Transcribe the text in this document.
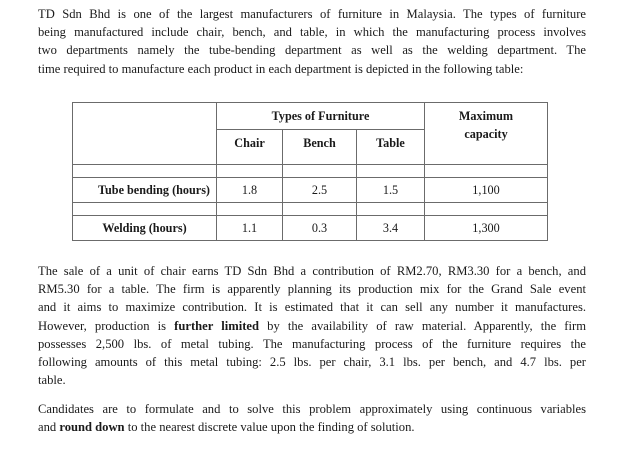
TD Sdn Bhd is one of the largest manufacturers of furniture in Malaysia. The types of furniture
being manufactured include chair, bench, and table, in which the manufacturing process involves
two departments namely the tube-bending department as well as the welding department. The
time required to manufacture each product in each department is depicted in the following table:
	Types of Furniture			Maximum
capacity
	Chair	Bench	Table	

Tube bending (hours)	1.8	2.5	1.5	1,100

Welding (hours)	1.1	0.3	3.4	1,300
The sale of a unit of chair earns TD Sdn Bhd a contribution of RM2.70, RM3.30 for a bench, and
RM5.30 for a table. The firm is apparently planning its production mix for the Grand Sale event
and it aims to maximize contribution. It is estimated that it can sell any number it manufactures.
However, production is further limited by the availability of raw material. Apparently, the firm
possesses 2,500 lbs. of metal tubing. The manufacturing process of the furniture requires the
following amounts of this metal tubing: 2.5 lbs. per chair, 3.1 lbs. per bench, and 4.7 lbs. per
table.
Candidates are to formulate and to solve this problem approximately using continuous variables
and round down to the nearest discrete value upon the finding of solution.
